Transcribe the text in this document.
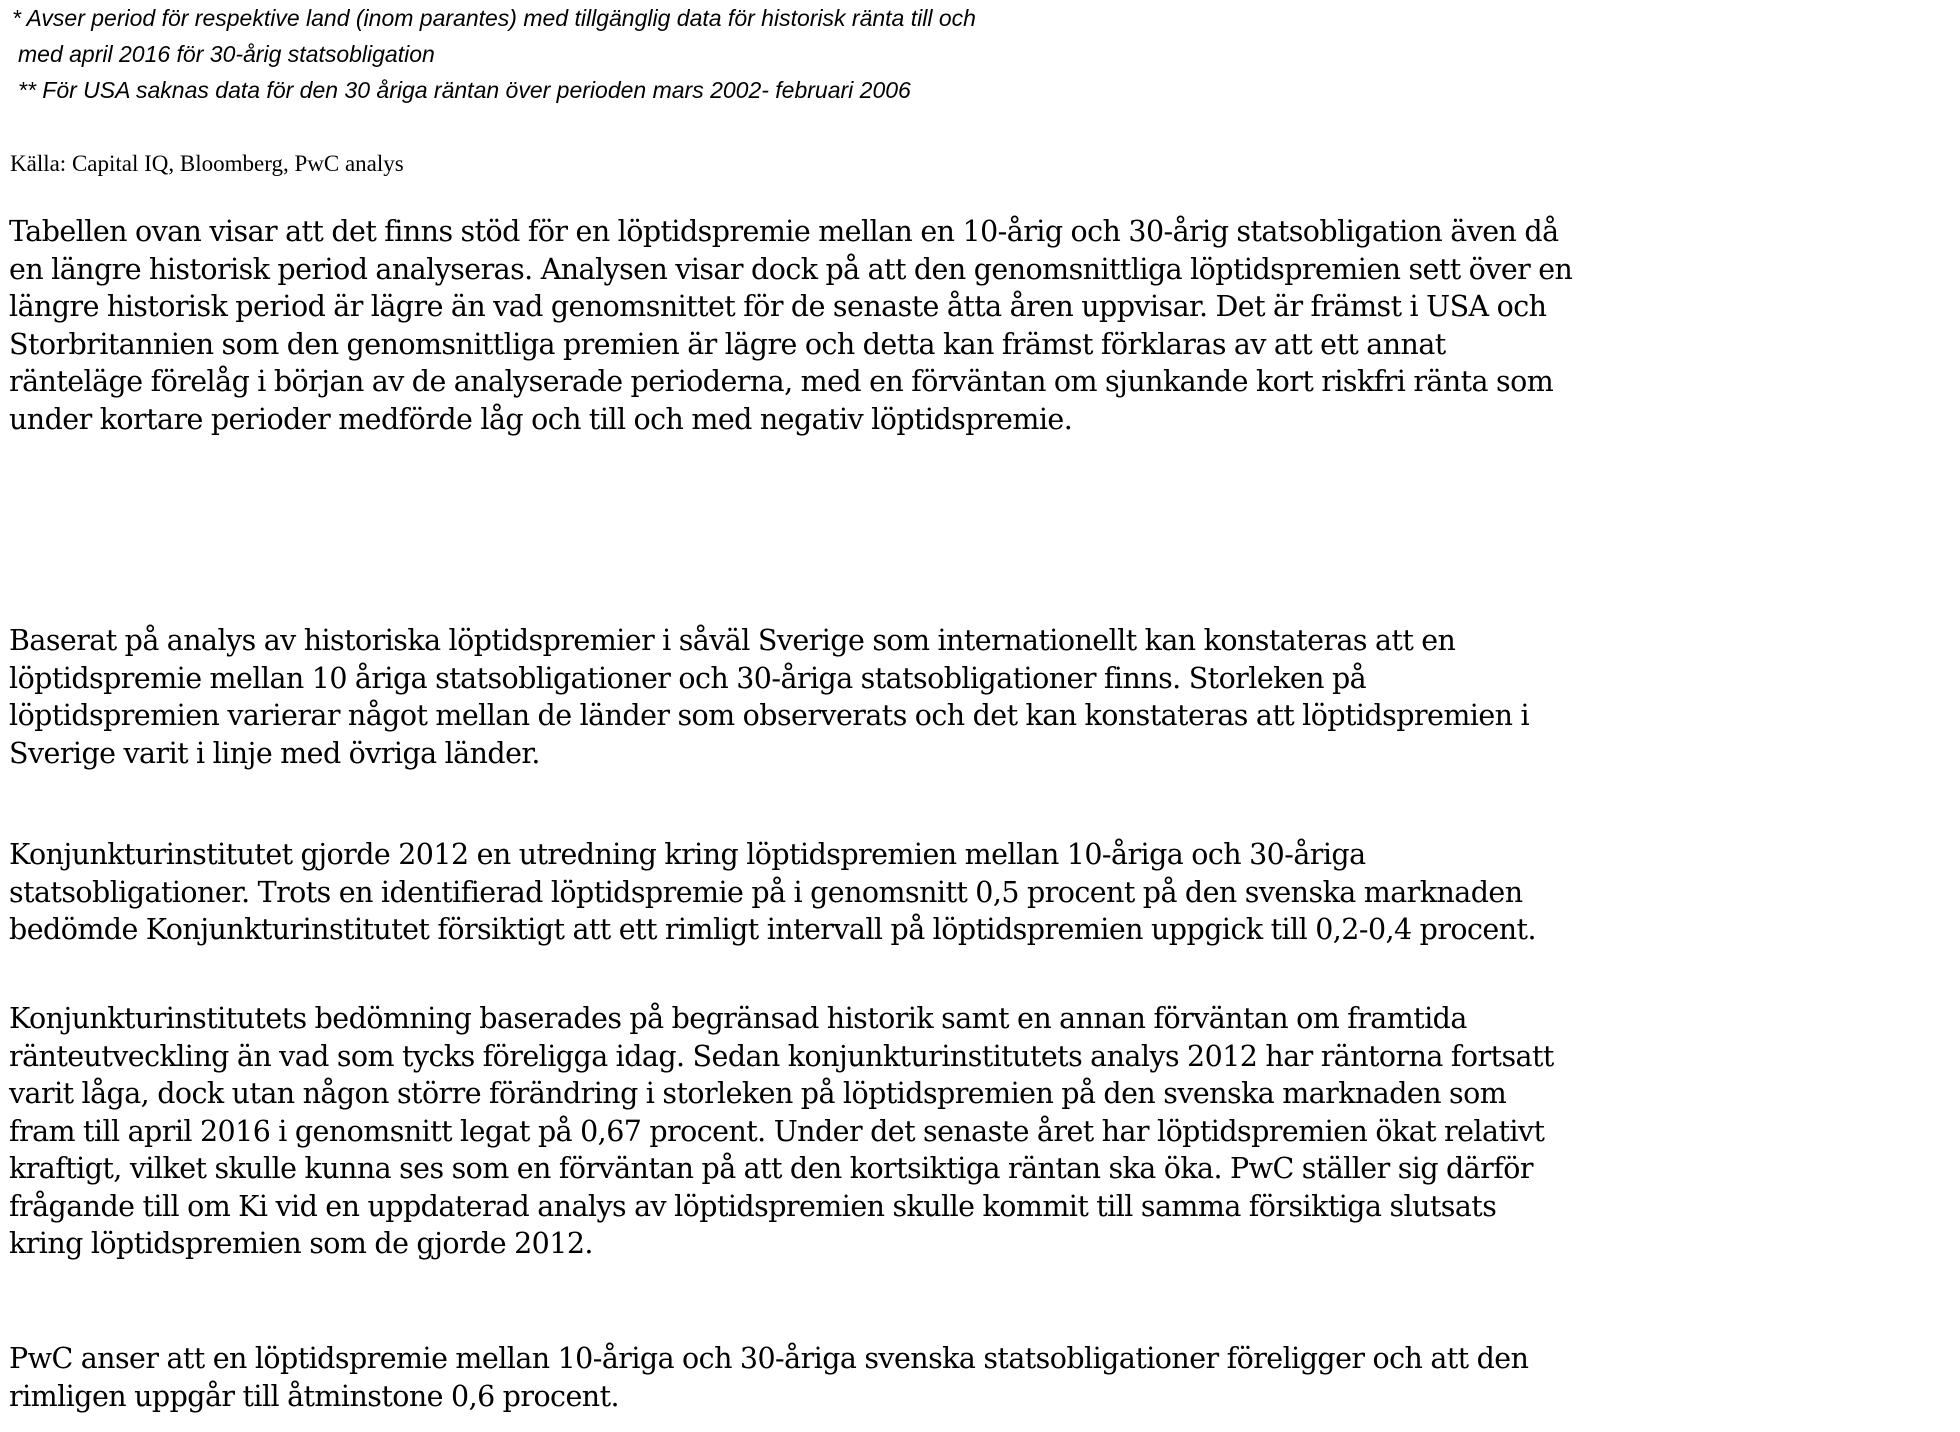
* Avser period för respektive land (inom parantes) med tillgänglig data för historisk ränta till och

med april 2016 för 30-årig statsobligation

** För USA saknas data för den 30 åriga räntan över perioden mars 2002- februari 2006

Källa: Capital IQ, Bloomberg, PwC analys

Tabellen ovan visar att det finns stöd för en löptidspremie mellan en 10-årig och 30-årig statsobligation även då
en längre historisk period analyseras. Analysen visar dock på att den genomsnittliga löptidspremien sett över en
längre historisk period är lägre än vad genomsnittet för de senaste åtta åren uppvisar. Det är främst i USA och
Storbritannien som den genomsnittliga premien är lägre och detta kan främst förklaras av att ett annat
ränteläge förelåg i början av de analyserade perioderna, med en förväntan om sjunkande kort riskfri ränta som
under kortare perioder medförde låg och till och med negativ löptidspremie.

Baserat på analys av historiska löptidspremier i såväl Sverige som internationellt kan konstateras att en
löptidspremie mellan 10 åriga statsobligationer och 30-åriga statsobligationer finns. Storleken på
löptidspremien varierar något mellan de länder som observerats och det kan konstateras att löptidspremien i
Sverige varit i linje med övriga länder.

Konjunkturinstitutet gjorde 2012 en utredning kring löptidspremien mellan 10-åriga och 30-åriga
statsobligationer. Trots en identifierad löptidspremie på i genomsnitt 0,5 procent på den svenska marknaden
bedömde Konjunkturinstitutet försiktigt att ett rimligt intervall på löptidspremien uppgick till 0,2-0,4 procent.

Konjunkturinstitutets bedömning baserades på begränsad historik samt en annan förväntan om framtida
ränteutveckling än vad som tycks föreligga idag. Sedan konjunkturinstitutets analys 2012 har räntorna fortsatt
varit låga, dock utan någon större förändring i storleken på löptidspremien på den svenska marknaden som
fram till april 2016 i genomsnitt legat på 0,67 procent. Under det senaste året har löptidspremien ökat relativt
kraftigt, vilket skulle kunna ses som en förväntan på att den kortsiktiga räntan ska öka. PwC ställer sig därför
frågande till om Ki vid en uppdaterad analys av löptidspremien skulle kommit till samma försiktiga slutsats
kring löptidspremien som de gjorde 2012.

PwC anser att en löptidspremie mellan 10-åriga och 30-åriga svenska statsobligationer föreligger och att den
rimligen uppgår till åtminstone 0,6 procent.
